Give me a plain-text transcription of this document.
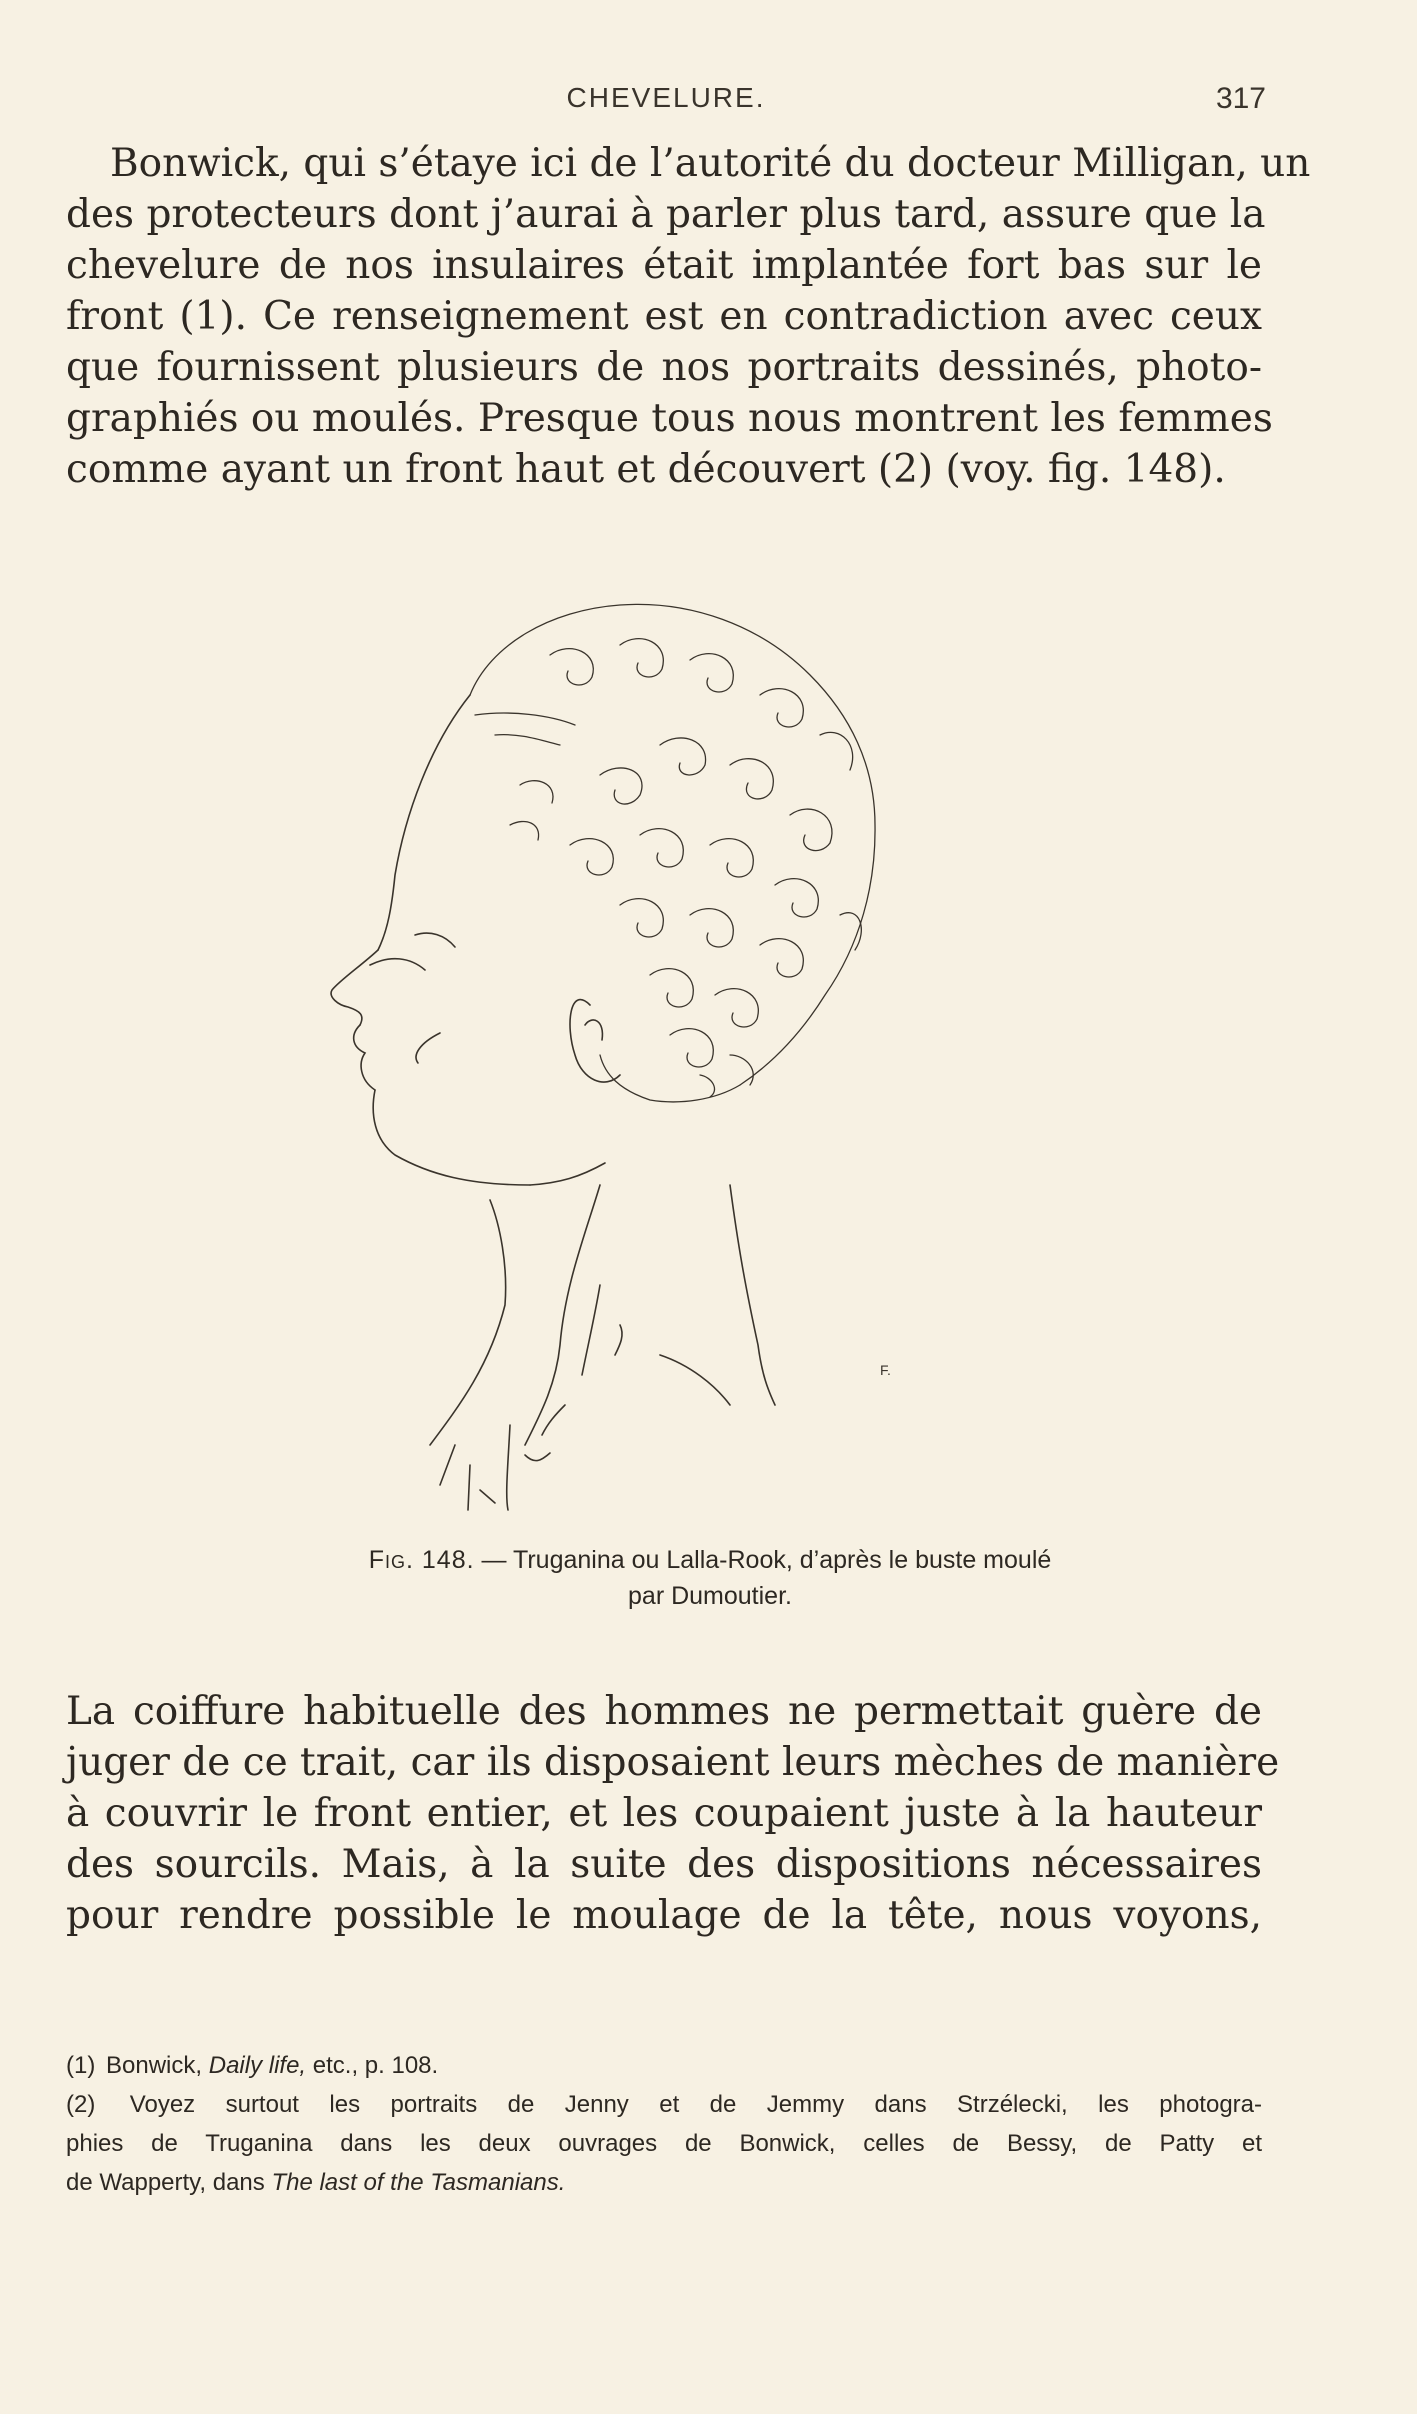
CHEVELURE.	317
Bonwick, qui s’étaye ici de l’autorité du docteur Milligan, un
des protecteurs dont j’aurai à parler plus tard, assure que la
chevelure de nos insulaires était implantée fort bas sur le
front (1). Ce renseignement est en contradiction avec ceux
que fournissent plusieurs de nos portraits dessinés, photo-
graphiés ou moulés. Presque tous nous montrent les femmes
comme ayant un front haut et découvert (2) (voy. fig. 148).
F.
Fig. 148. — Truganina ou Lalla-Rook, d’après le buste moulé
par Dumoutier.
La coiffure habituelle des hommes ne permettait guère de
juger de ce trait, car ils disposaient leurs mèches de manière
à couvrir le front entier, et les coupaient juste à la hauteur
des sourcils. Mais, à la suite des dispositions nécessaires
pour rendre possible le moulage de la tête, nous voyons,
(1) Bonwick, Daily life, etc., p. 108.
(2) Voyez surtout les portraits de Jenny et de Jemmy dans Strzélecki, les photogra-
phies de Truganina dans les deux ouvrages de Bonwick, celles de Bessy, de Patty et
de Wapperty, dans The last of the Tasmanians.
